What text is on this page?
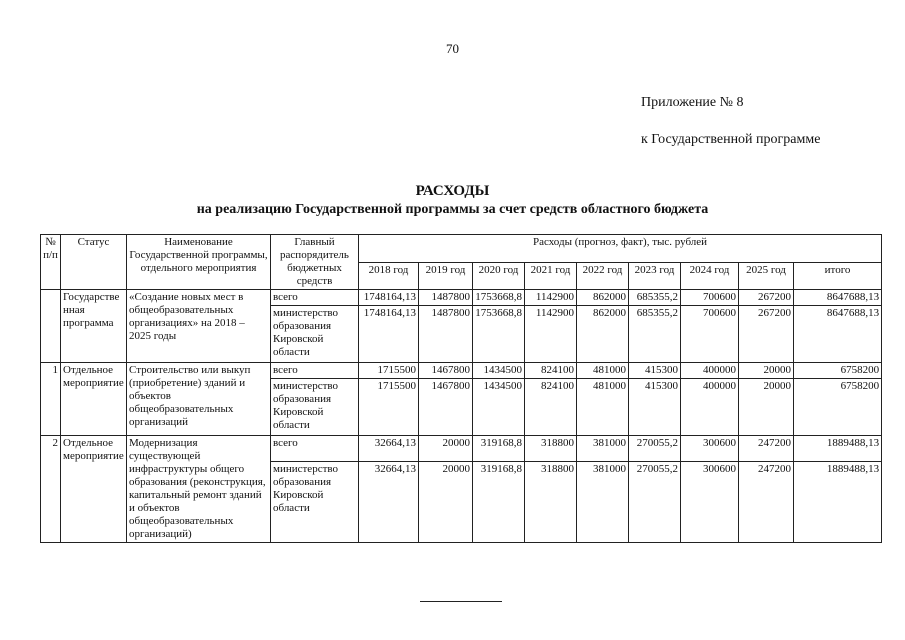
70
Приложение № 8
к Государственной программе
РАСХОДЫ
на реализацию Государственной программы за счет средств областного бюджета
№ п/п	Статус	Наименование Государственной программы, отдельного мероприятия	Главный распорядитель бюджетных средств	Расходы (прогноз, факт), тыс. рублей								
				2018 год	2019 год	2020 год	2021 год	2022 год	2023 год	2024 год	2025 год	итого
	Государственная программа	«Создание новых мест в общеобразовательных организациях» на 2018 – 2025 годы	всего	1748164,13	1487800	1753668,8	1142900	862000	685355,2	700600	267200	8647688,13
			министерство образования Кировской области	1748164,13	1487800	1753668,8	1142900	862000	685355,2	700600	267200	8647688,13
1	Отдельное мероприятие	Строительство или выкуп (приобретение) зданий и объектов общеобразовательных организаций	всего	1715500	1467800	1434500	824100	481000	415300	400000	20000	6758200
			министерство образования Кировской области	1715500	1467800	1434500	824100	481000	415300	400000	20000	6758200
2	Отдельное мероприятие	Модернизация существующей инфраструктуры общего образования (реконструкция, капитальный ремонт зданий и объектов общеобразовательных организаций)	всего	32664,13	20000	319168,8	318800	381000	270055,2	300600	247200	1889488,13
			министерство образования Кировской области	32664,13	20000	319168,8	318800	381000	270055,2	300600	247200	1889488,13
